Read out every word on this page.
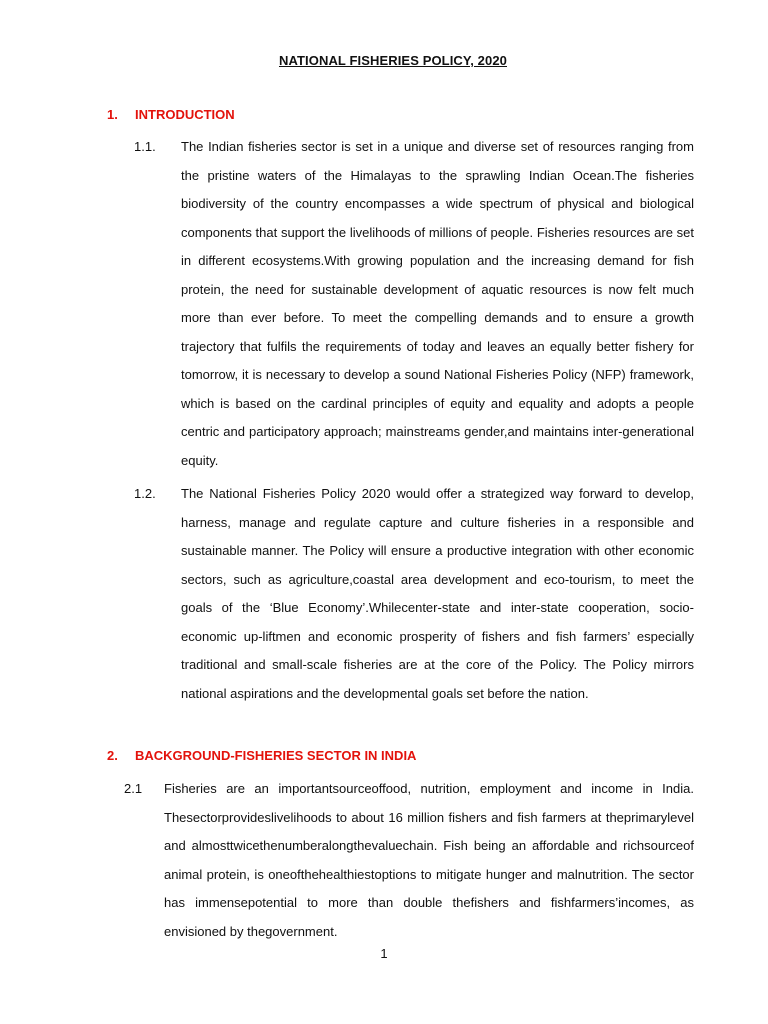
NATIONAL FISHERIES POLICY, 2020
1. INTRODUCTION
1.1. The Indian fisheries sector is set in a unique and diverse set of resources ranging from the pristine waters of the Himalayas to the sprawling Indian Ocean.The fisheries biodiversity of the country encompasses a wide spectrum of physical and biological components that support the livelihoods of millions of people. Fisheries resources are set in different ecosystems.With growing population and the increasing demand for fish protein, the need for sustainable development of aquatic resources is now felt much more than ever before. To meet the compelling demands and to ensure a growth trajectory that fulfils the requirements of today and leaves an equally better fishery for tomorrow, it is necessary to develop a sound National Fisheries Policy (NFP) framework, which is based on the cardinal principles of equity and equality and adopts a people centric and participatory approach; mainstreams gender,and maintains inter-generational equity.
1.2. The National Fisheries Policy 2020 would offer a strategized way forward to develop, harness, manage and regulate capture and culture fisheries in a responsible and sustainable manner. The Policy will ensure a productive integration with other economic sectors, such as agriculture,coastal area development and eco-tourism, to meet the goals of the ‘Blue Economy’.Whilecenter-state and inter-state cooperation, socio-economic up-liftmen and economic prosperity of fishers and fish farmers’ especially traditional and small-scale fisheries are at the core of the Policy. The Policy mirrors national aspirations and the developmental goals set before the nation.
2. BACKGROUND-FISHERIES SECTOR IN INDIA
2.1 Fisheries are an importantsourceoffood, nutrition, employment and income in India. Thesectorprovideslivelihoods to about 16 million fishers and fish farmers at theprimarylevel and almosttwicethenumberalongthevaluechain. Fish being an affordable and richsourceof animal protein, is oneofthehealthiestoptions to mitigate hunger and malnutrition. The sector has immensepotential to more than double thefishers and fishfarmers’incomes, as envisioned by thegovernment.
1
